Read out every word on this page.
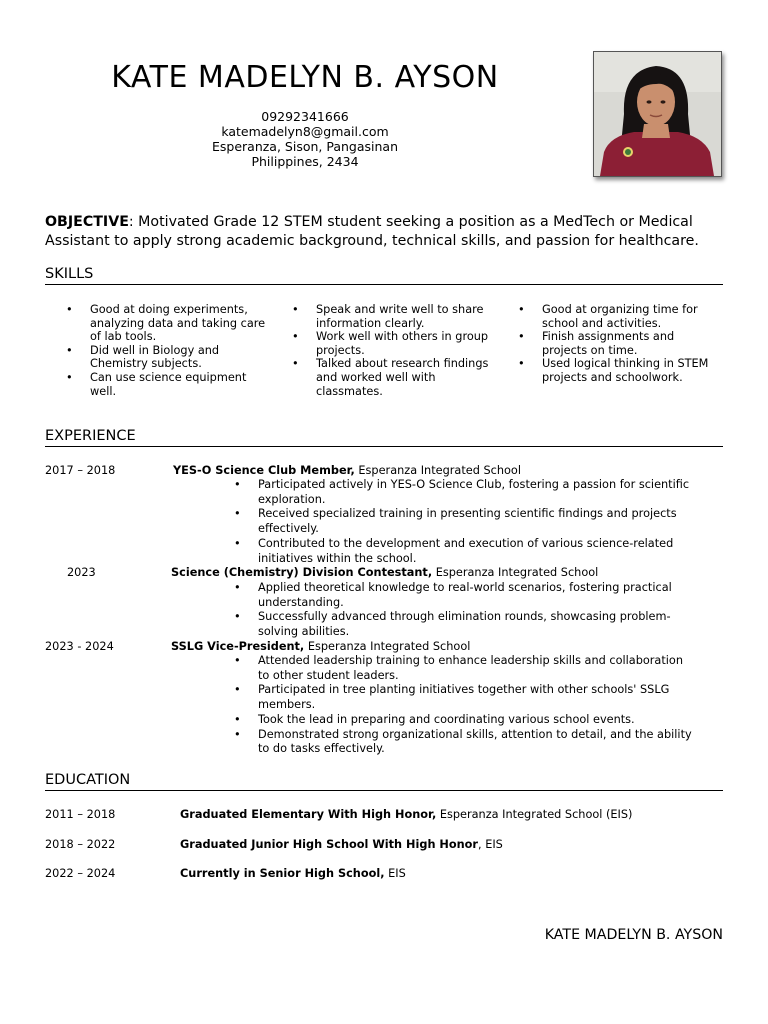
KATE MADELYN B. AYSON
09292341666
katemadelyn8@gmail.com
Esperanza, Sison, Pangasinan
Philippines, 2434
OBJECTIVE: Motivated Grade 12 STEM student seeking a position as a MedTech or Medical Assistant to apply strong academic background, technical skills, and passion for healthcare.
SKILLS
• Good at doing experiments, analyzing data and taking care of lab tools.
• Did well in Biology and Chemistry subjects.
• Can use science equipment well.
• Speak and write well to share information clearly.
• Work well with others in group projects.
• Talked about research findings and worked well with classmates.
• Good at organizing time for school and activities.
• Finish assignments and projects on time.
• Used logical thinking in STEM projects and schoolwork.
EXPERIENCE
2017 – 2018	YES-O Science Club Member, Esperanza Integrated School
• Participated actively in YES-O Science Club, fostering a passion for scientific exploration.
• Received specialized training in presenting scientific findings and projects effectively.
• Contributed to the development and execution of various science-related initiatives within the school.
2023	Science (Chemistry) Division Contestant, Esperanza Integrated School
• Applied theoretical knowledge to real-world scenarios, fostering practical understanding.
• Successfully advanced through elimination rounds, showcasing problem-solving abilities.
2023 - 2024	SSLG Vice-President, Esperanza Integrated School
• Attended leadership training to enhance leadership skills and collaboration to other student leaders.
• Participated in tree planting initiatives together with other schools' SSLG members.
• Took the lead in preparing and coordinating various school events.
• Demonstrated strong organizational skills, attention to detail, and the ability to do tasks effectively.
EDUCATION
2011 – 2018	Graduated Elementary With High Honor, Esperanza Integrated School (EIS)
2018 – 2022	Graduated Junior High School With High Honor, EIS
2022 – 2024	Currently in Senior High School, EIS
KATE MADELYN B. AYSON
